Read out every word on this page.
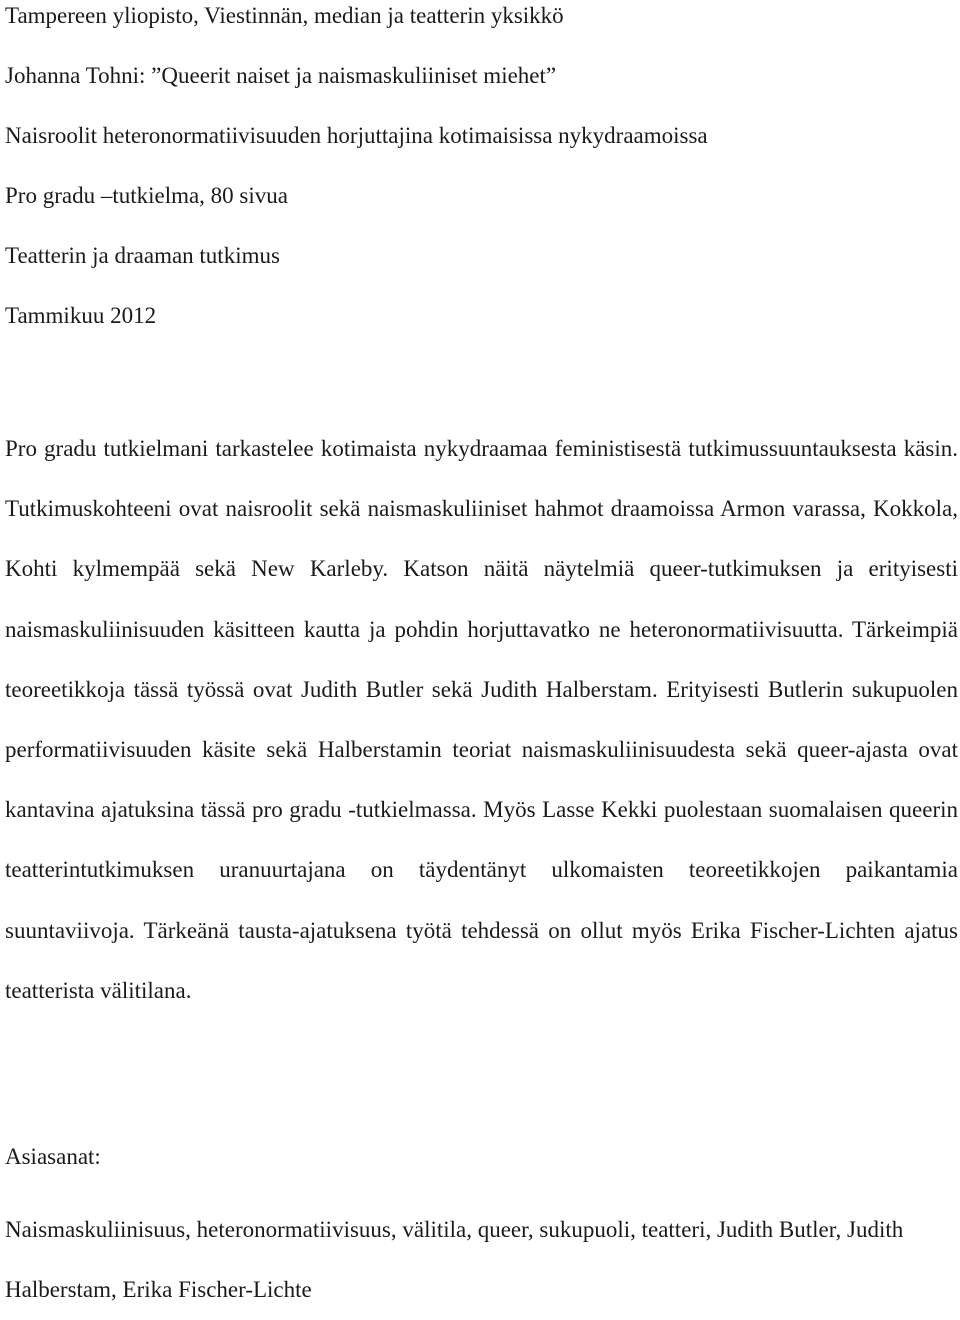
Tampereen yliopisto, Viestinnän, median ja teatterin yksikkö
Johanna Tohni: ”Queerit naiset ja naismaskuliiniset miehet”
Naisroolit heteronormatiivisuuden horjuttajina kotimaisissa nykydraamoissa
Pro gradu –tutkielma, 80 sivua
Teatterin ja draaman tutkimus
Tammikuu 2012

Pro gradu tutkielmani tarkastelee kotimaista nykydraamaa feministisestä tutkimussuuntauksesta käsin. Tutkimuskohteeni ovat naisroolit sekä naismaskuliiniset hahmot draamoissa Armon varassa, Kokkola, Kohti kylmempää sekä New Karleby. Katson näitä näytelmiä queer-tutkimuksen ja erityisesti naismaskuliinisuuden käsitteen kautta ja pohdin horjuttavatko ne heteronormatiivisuutta. Tärkeimpiä teoreetikkoja tässä työssä ovat Judith Butler sekä Judith Halberstam. Erityisesti Butlerin sukupuolen performatiivisuuden käsite sekä Halberstamin teoriat naismaskuliinisuudesta sekä queer-ajasta ovat kantavina ajatuksina tässä pro gradu -tutkielmassa. Myös Lasse Kekki puolestaan suomalaisen queerin teatterintutkimuksen uranuurtajana on täydentänyt ulkomaisten teoreetikkojen paikantamia suuntaviivoja. Tärkeänä tausta-ajatuksena työtä tehdessä on ollut myös Erika Fischer-Lichten ajatus teatterista välitilana.

Asiasanat:

Naismaskuliinisuus, heteronormatiivisuus, välitila, queer, sukupuoli, teatteri, Judith Butler, Judith Halberstam, Erika Fischer-Lichte
